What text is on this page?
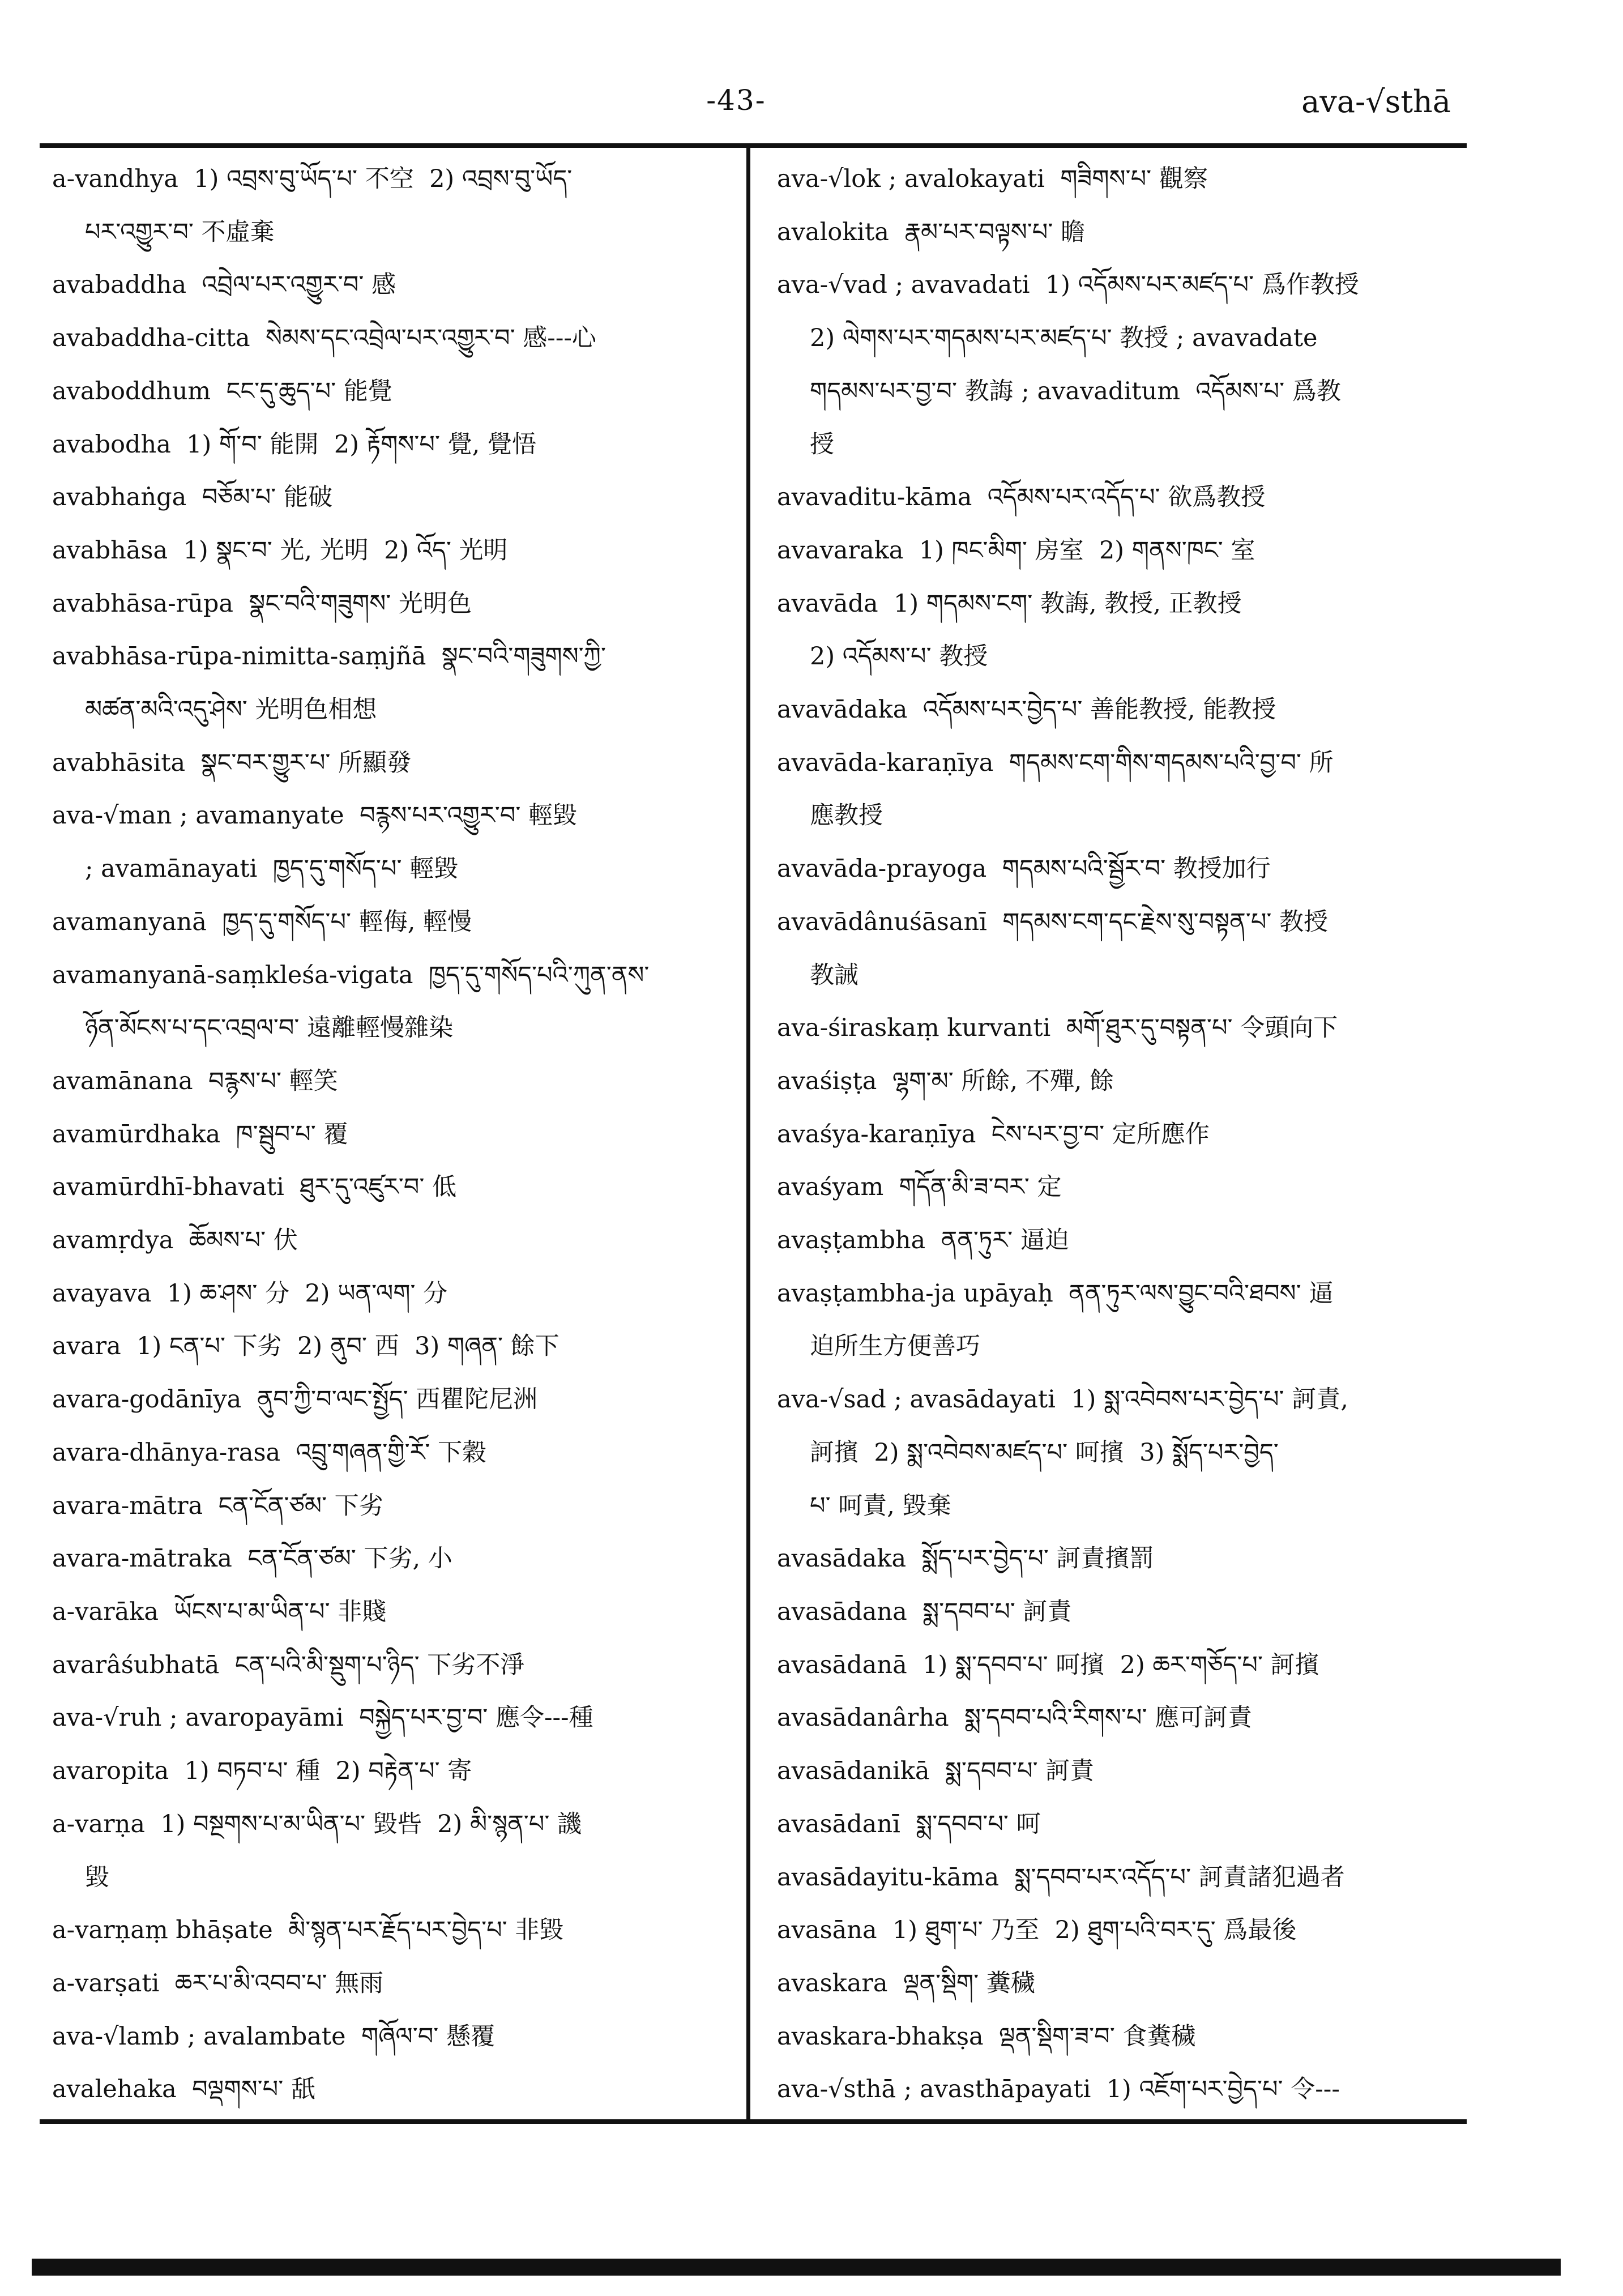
-43-	ava-√sthā
a-vandhya  1) འབྲས་བུ་ཡོད་པ་ 不空  2) འབྲས་བུ་ཡོད་
པར་འགྱུར་བ་ 不虛棄
avabaddha  འབྲེལ་པར་འགྱུར་བ་ 感
avabaddha-citta  སེམས་དང་འབྲེལ་པར་འགྱུར་བ་ 感---心
avaboddhum  ངང་དུ་ཆུད་པ་ 能覺
avabodha  1) གོ་བ་ 能開  2) རྟོགས་པ་ 覺, 覺悟
avabhaṅga  བཅོམ་པ་ 能破
avabhāsa  1) སྣང་བ་ 光, 光明  2) འོད་ 光明
avabhāsa-rūpa  སྣང་བའི་གཟུགས་ 光明色
avabhāsa-rūpa-nimitta-saṃjñā  སྣང་བའི་གཟུགས་ཀྱི་
མཚན་མའི་འདུ་ཤེས་ 光明色相想
avabhāsita  སྣང་བར་གྱུར་པ་ 所顯發
ava-√man ; avamanyate  བརྙས་པར་འགྱུར་བ་ 輕毀
; avamānayati  ཁྱད་དུ་གསོད་པ་ 輕毀
avamanyanā  ཁྱད་དུ་གསོད་པ་ 輕侮, 輕慢
avamanyanā-saṃkleśa-vigata  ཁྱད་དུ་གསོད་པའི་ཀུན་ནས་
ཉོན་མོངས་པ་དང་འབྲལ་བ་ 遠離輕慢雜染
avamānana  བརྙས་པ་ 輕笑
avamūrdhaka  ཁ་སྦུབ་པ་ 覆
avamūrdhī-bhavati  ཐུར་དུ་འཛུར་བ་ 低
avamṛdya  ཆོམས་པ་ 伏
avayava  1) ཆ་ཤས་ 分  2) ཡན་ལག་ 分
avara  1) ངན་པ་ 下劣  2) ནུབ་ 西  3) གཞན་ 餘下
avara-godānīya  ནུབ་ཀྱི་བ་ལང་སྤྱོད་ 西瞿陀尼洲
avara-dhānya-rasa  འབྲུ་གཞན་གྱི་རོ་ 下穀
avara-mātra  ངན་ངོན་ཙམ་ 下劣
avara-mātraka  ངན་ངོན་ཙམ་ 下劣, 小
a-varāka  ཡོངས་པ་མ་ཡིན་པ་ 非賤
avarâśubhatā  ངན་པའི་མི་སྡུག་པ་ཉིད་ 下劣不淨
ava-√ruh ; avaropayāmi  བསྐྱེད་པར་བྱ་བ་ 應令---種
avaropita  1) བཏབ་པ་ 種  2) བརྟེན་པ་ 寄
a-varṇa  1) བསྔགས་པ་མ་ཡིན་པ་ 毀呰  2) མི་སྙན་པ་ 譏
毀
a-varṇaṃ bhāṣate  མི་སྙན་པར་རྗོད་པར་བྱེད་པ་ 非毀
a-varṣati  ཆར་པ་མི་འབབ་པ་ 無雨
ava-√lamb ; avalambate  གཞོལ་བ་ 懸覆
avalehaka  བལྡགས་པ་ 舐
ava-√lok ; avalokayati  གཟིགས་པ་ 觀察
avalokita  རྣམ་པར་བལྟས་པ་ 瞻
ava-√vad ; avavadati  1) འདོམས་པར་མཛད་པ་ 爲作教授
2) ལེགས་པར་གདམས་པར་མཛད་པ་ 教授 ; avavadate
གདམས་པར་བྱ་བ་ 教誨 ; avavaditum  འདོམས་པ་ 爲教
授
avavaditu-kāma  འདོམས་པར་འདོད་པ་ 欲爲教授
avavaraka  1) ཁང་མིག་ 房室  2) གནས་ཁང་ 室
avavāda  1) གདམས་ངག་ 教誨, 教授, 正教授
2) འདོམས་པ་ 教授
avavādaka  འདོམས་པར་བྱེད་པ་ 善能教授, 能教授
avavāda-karaṇīya  གདམས་ངག་གིས་གདམས་པའི་བྱ་བ་ 所
應教授
avavāda-prayoga  གདམས་པའི་སྦྱོར་བ་ 教授加行
avavādânuśāsanī  གདམས་ངག་དང་རྗེས་སུ་བསྟན་པ་ 教授
教誡
ava-śiraskaṃ kurvanti  མགོ་ཐུར་དུ་བསྟན་པ་ 令頭向下
avaśiṣṭa  ལྷག་མ་ 所餘, 不殫, 餘
avaśya-karaṇīya  ངེས་པར་བྱ་བ་ 定所應作
avaśyam  གདོན་མི་ཟ་བར་ 定
avaṣṭambha  ནན་ཏུར་ 逼迫
avaṣṭambha-ja upāyaḥ  ནན་ཏུར་ལས་བྱུང་བའི་ཐབས་ 逼
迫所生方便善巧
ava-√sad ; avasādayati  1) སྨ་འབེབས་པར་བྱེད་པ་ 訶責,
訶擯  2) སྨ་འབེབས་མཛད་པ་ 呵擯  3) སྨོད་པར་བྱེད་
པ་ 呵責, 毀棄
avasādaka  སྨོད་པར་བྱེད་པ་ 訶責擯罰
avasādana  སྨ་དབབ་པ་ 訶責
avasādanā  1) སྨ་དབབ་པ་ 呵擯  2) ཆར་གཅོད་པ་ 訶擯
avasādanârha  སྨ་དབབ་པའི་རིགས་པ་ 應可訶責
avasādanikā  སྨ་དབབ་པ་ 訶責
avasādanī  སྨ་དབབ་པ་ 呵
avasādayitu-kāma  སྨ་དབབ་པར་འདོད་པ་ 訶責諸犯過者
avasāna  1) ཐུག་པ་ 乃至  2) ཐུག་པའི་བར་དུ་ 爲最後
avaskara  ལྡན་སྡིག་ 糞穢
avaskara-bhakṣa  ལྡན་སྡིག་ཟ་བ་ 食糞穢
ava-√sthā ; avasthāpayati  1) འཇོག་པར་བྱེད་པ་ 令---
